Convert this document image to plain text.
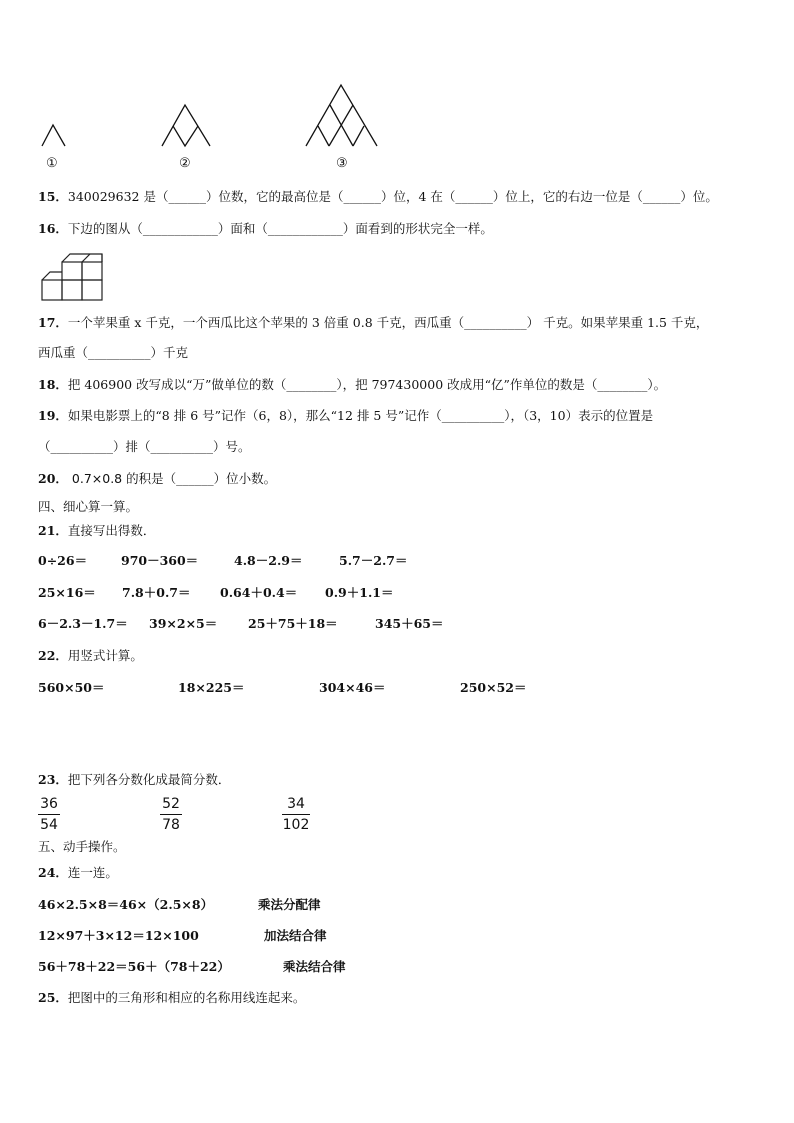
①	②	③
15．340029632 是（______）位数，它的最高位是（______）位，4 在（______）位上，它的右边一位是（______）位。
16．下边的图从（____________）面和（____________）面看到的形状完全一样。
17．一个苹果重 x 千克，一个西瓜比这个苹果的 3 倍重 0.8 千克，西瓜重（__________） 千克。如果苹果重 1.5 千克，
西瓜重（__________）千克
18．把 406900 改写成以“万”做单位的数（________），把 797430000 改成用“亿”作单位的数是（________）。
19．如果电影票上的“8 排 6 号”记作（6，8），那么“12 排 5 号”记作（__________），（3，10）表示的位置是
（__________）排（__________）号。
20． 0.7×0.8 的积是（______）位小数。
四、细心算一算。
21．直接写出得数．
0÷26＝	970－360＝	4.8－2.9＝	5.7－2.7＝
25×16＝ 7.8＋0.7＝ 0.64＋0.4＝ 0.9＋1.1＝
6－2.3－1.7＝ 39×2×5＝ 25＋75＋18＝	345＋65＝
22．用竖式计算。
560×50＝	18×225＝	304×46＝	250×52＝
23．把下列各分数化成最简分数．
36
54
52
78
34
102
五、动手操作。
24．连一连。
46×2.5×8＝46×（2.5×8）	乘法分配律
12×97＋3×12＝12×100	加法结合律
56＋78＋22＝56＋（78＋22）	乘法结合律
25．把图中的三角形和相应的名称用线连起来。
